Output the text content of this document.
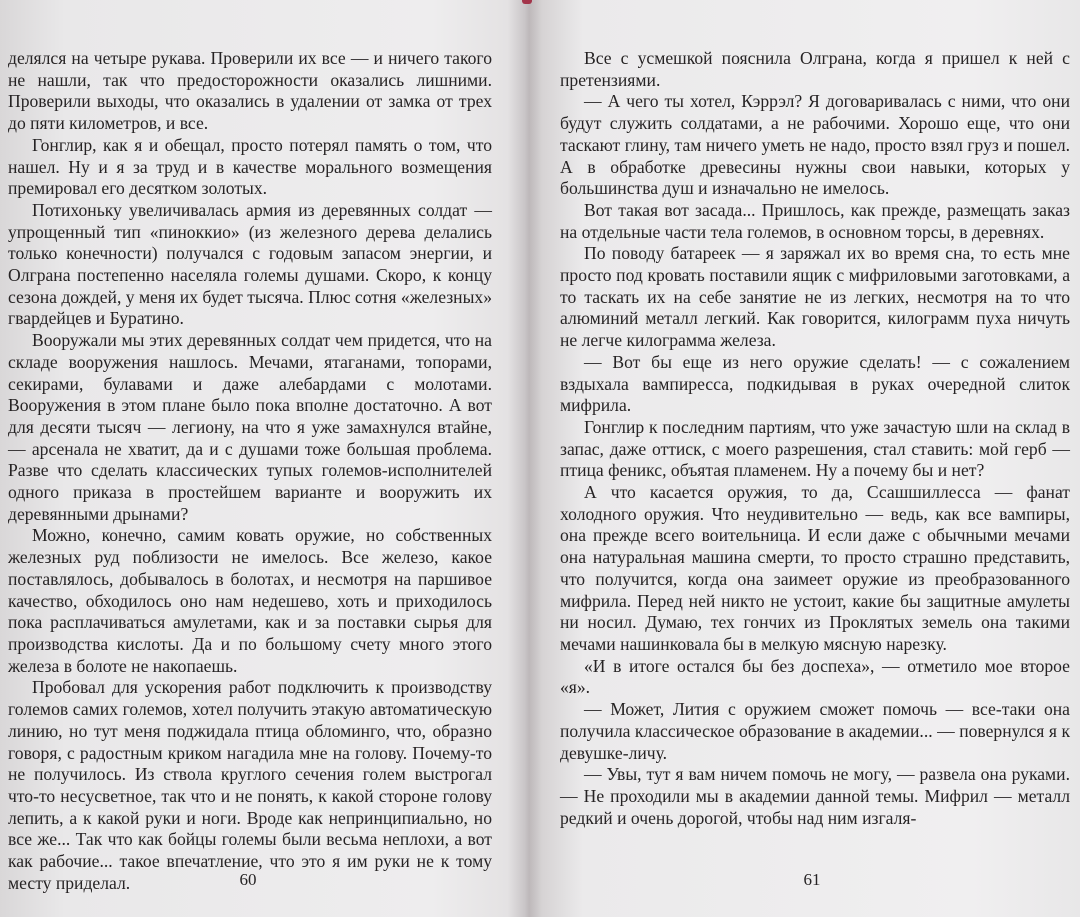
делялся на четыре рукава. Проверили их все — и ничего такого не нашли, так что предосторожности оказались лишними. Проверили выходы, что оказались в удалении от замка от трех до пяти километров, и все.

Гонглир, как я и обещал, просто потерял память о том, что нашел. Ну и я за труд и в качестве морального возмещения премировал его десятком золотых.

Потихоньку увеличивалась армия из деревянных солдат — упрощенный тип «пиноккио» (из железного дерева делались только конечности) получался с годовым запасом энергии, и Олграна постепенно населяла големы душами. Скоро, к концу сезона дождей, у меня их будет тысяча. Плюс сотня «железных» гвардейцев и Буратино.

Вооружали мы этих деревянных солдат чем придется, что на складе вооружения нашлось. Мечами, ятаганами, топорами, секирами, булавами и даже алебардами с молотами. Вооружения в этом плане было пока вполне достаточно. А вот для десяти тысяч — легиону, на что я уже замахнулся втайне, — арсенала не хватит, да и с душами тоже большая проблема. Разве что сделать классических тупых големов-исполнителей одного приказа в простейшем варианте и вооружить их деревянными дрынами?

Можно, конечно, самим ковать оружие, но собственных железных руд поблизости не имелось. Все железо, какое поставлялось, добывалось в болотах, и несмотря на паршивое качество, обходилось оно нам недешево, хоть и приходилось пока расплачиваться амулетами, как и за поставки сырья для производства кислоты. Да и по большому счету много этого железа в болоте не накопаешь.

Пробовал для ускорения работ подключить к производству големов самих големов, хотел получить этакую автоматическую линию, но тут меня поджидала птица обломинго, что, образно говоря, с радостным криком нагадила мне на голову. Почему-то не получилось. Из ствола круглого сечения голем выстрогал что-то несусветное, так что и не понять, к какой стороне голову лепить, а к какой руки и ноги. Вроде как непринципиально, но все же... Так что как бойцы големы были весьма неплохи, а вот как рабочие... такое впечатление, что это я им руки не к тому месту приделал.	60

Все с усмешкой пояснила Олграна, когда я пришел к ней с претензиями.

— А чего ты хотел, Кэррэл? Я договаривалась с ними, что они будут служить солдатами, а не рабочими. Хорошо еще, что они таскают глину, там ничего уметь не надо, просто взял груз и пошел. А в обработке древесины нужны свои навыки, которых у большинства душ и изначально не имелось.

Вот такая вот засада... Пришлось, как прежде, размещать заказ на отдельные части тела големов, в основном торсы, в деревнях.

По поводу батареек — я заряжал их во время сна, то есть мне просто под кровать поставили ящик с мифриловыми заготовками, а то таскать их на себе занятие не из легких, несмотря на то что алюминий металл легкий. Как говорится, килограмм пуха ничуть не легче килограмма железа.

— Вот бы еще из него оружие сделать! — с сожалением вздыхала вампиресса, подкидывая в руках очередной слиток мифрила.

Гонглир к последним партиям, что уже зачастую шли на склад в запас, даже оттиск, с моего разрешения, стал ставить: мой герб — птица феникс, объятая пламенем. Ну а почему бы и нет?

А что касается оружия, то да, Ссашшиллесса — фанат холодного оружия. Что неудивительно — ведь, как все вампиры, она прежде всего воительница. И если даже с обычными мечами она натуральная машина смерти, то просто страшно представить, что получится, когда она заимеет оружие из преобразованного мифрила. Перед ней никто не устоит, какие бы защитные амулеты ни носил. Думаю, тех гончих из Проклятых земель она такими мечами нашинковала бы в мелкую мясную нарезку.

«И в итоге остался бы без доспеха», — отметило мое второе «я».

— Может, Лития с оружием сможет помочь — все-таки она получила классическое образование в академии... — повернулся я к девушке-личу.

— Увы, тут я вам ничем помочь не могу, — развела она руками. — Не проходили мы в академии данной темы. Мифрил — металл редкий и очень дорогой, чтобы над ним изгаля-

61
